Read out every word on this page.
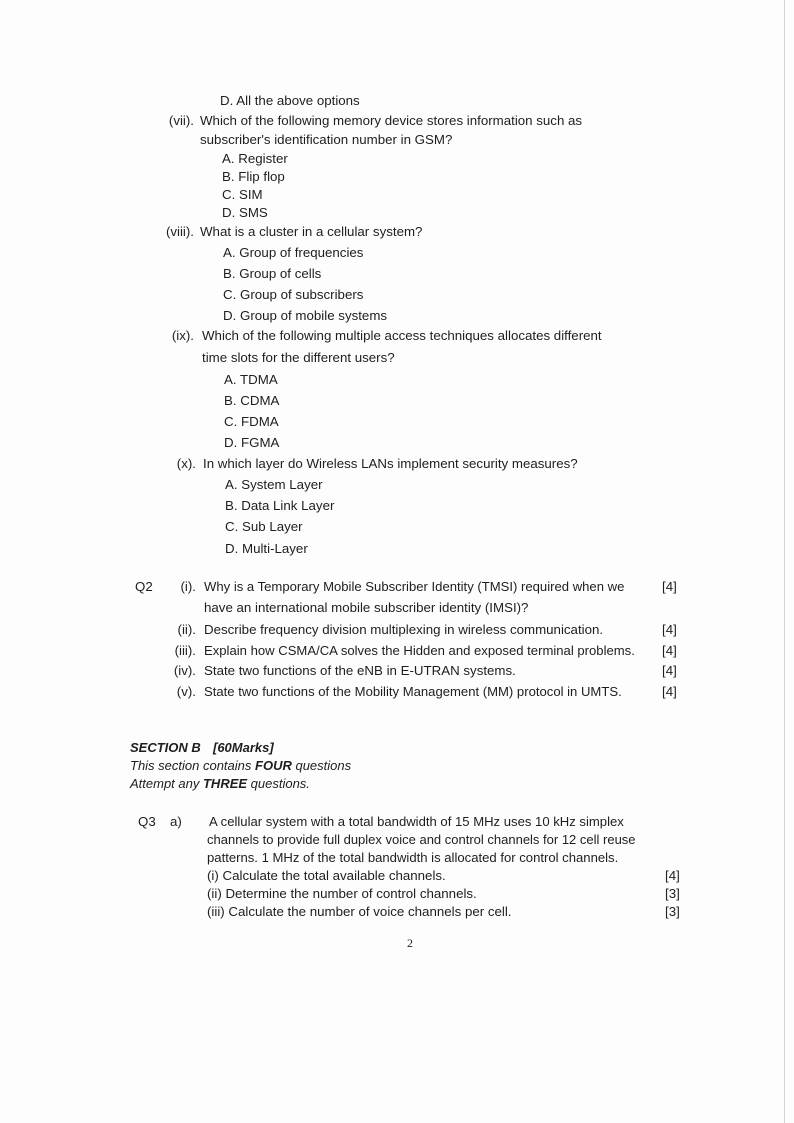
D. All the above options
(vii). Which of the following memory device stores information such as
subscriber's identification number in GSM?
A. Register
B. Flip flop
C. SIM
D. SMS
(viii). What is a cluster in a cellular system?
A. Group of frequencies
B. Group of cells
C. Group of subscribers
D. Group of mobile systems
(ix). Which of the following multiple access techniques allocates different
time slots for the different users?
A. TDMA
B. CDMA
C. FDMA
D. FGMA
(x). In which layer do Wireless LANs implement security measures?
A. System Layer
B. Data Link Layer
C. Sub Layer
D. Multi-Layer
Q2	(i). Why is a Temporary Mobile Subscriber Identity (TMSI) required when we
have an international mobile subscriber identity (IMSI)?
[4]
(ii). Describe frequency division multiplexing in wireless communication.	[4]
(iii). Explain how CSMA/CA solves the Hidden and exposed terminal problems. [4]
(iv). State two functions of the eNB in E-UTRAN systems.	[4]
(v). State two functions of the Mobility Management (MM) protocol in UMTS.	[4]
SECTION B [60Marks]
This section contains FOUR questions
Attempt any THREE questions.
Q3 a) A cellular system with a total bandwidth of 15 MHz uses 10 kHz simplex
channels to provide full duplex voice and control channels for 12 cell reuse
patterns. 1 MHz of the total bandwidth is allocated for control channels.
(i) Calculate the total available channels.	[4]
(ii) Determine the number of control channels.	[3]
(iii) Calculate the number of voice channels per cell.	[3]
2
